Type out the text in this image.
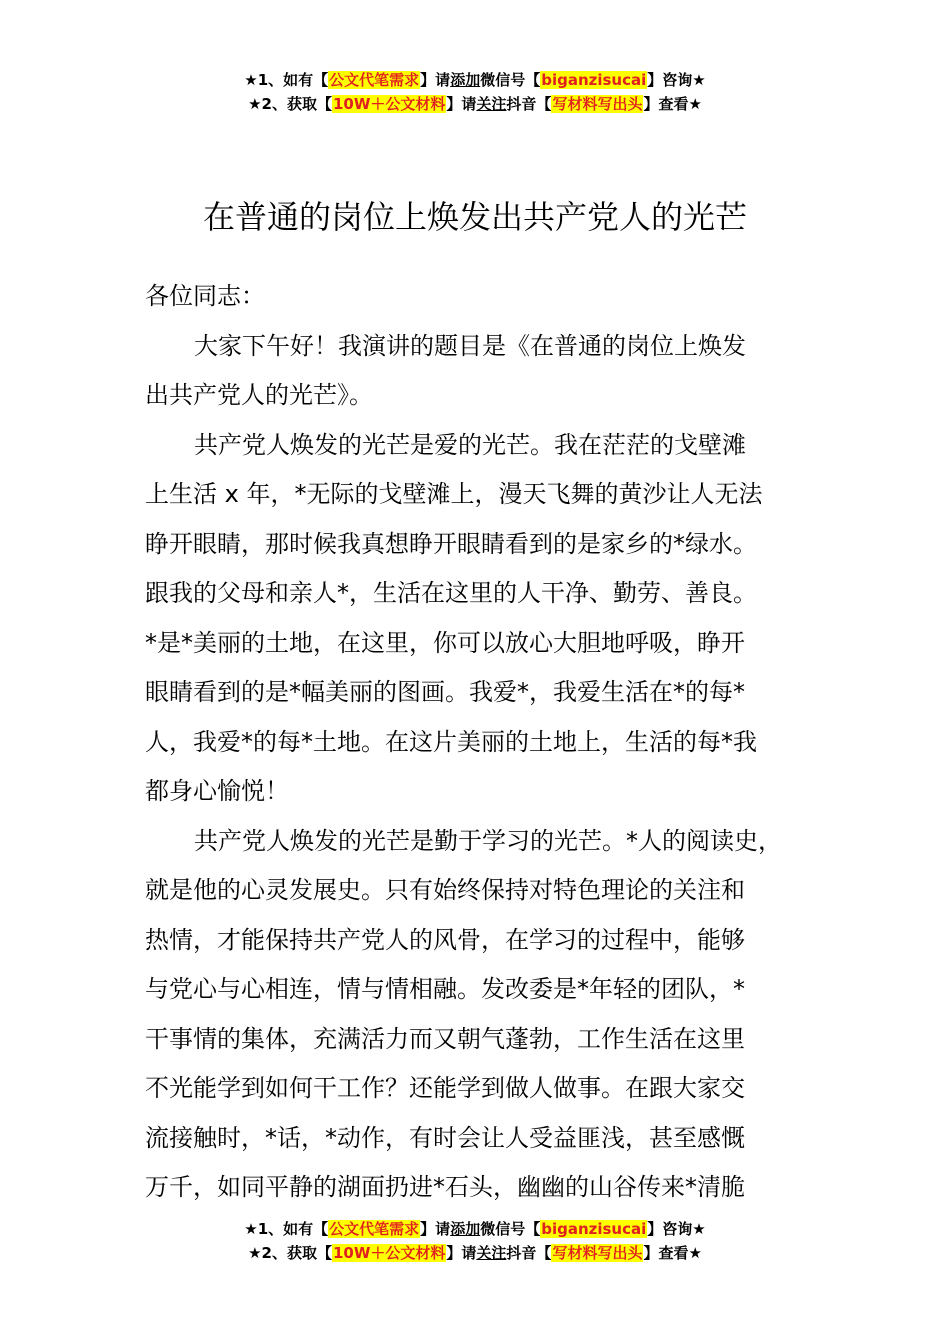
★1、如有【公文代笔需求】请添加微信号【biganzisucai】咨询★
★2、获取【10W＋公文材料】请关注抖音【写材料写出头】查看★
在普通的岗位上焕发出共产党人的光芒
各位同志：
大家下午好！我演讲的题目是《在普通的岗位上焕发
出共产党人的光芒》。
共产党人焕发的光芒是爱的光芒。我在茫茫的戈壁滩
上生活 x 年，*无际的戈壁滩上，漫天飞舞的黄沙让人无法
睁开眼睛，那时候我真想睁开眼睛看到的是家乡的*绿水。
跟我的父母和亲人*，生活在这里的人干净、勤劳、善良。
*是*美丽的土地，在这里，你可以放心大胆地呼吸，睁开
眼睛看到的是*幅美丽的图画。我爱*，我爱生活在*的每*
人，我爱*的每*土地。在这片美丽的土地上，生活的每*我
都身心愉悦！
共产党人焕发的光芒是勤于学习的光芒。*人的阅读史，
就是他的心灵发展史。只有始终保持对特色理论的关注和
热情，才能保持共产党人的风骨，在学习的过程中，能够
与党心与心相连，情与情相融。发改委是*年轻的团队，*
干事情的集体，充满活力而又朝气蓬勃，工作生活在这里
不光能学到如何干工作？还能学到做人做事。在跟大家交
流接触时，*话，*动作，有时会让人受益匪浅，甚至感慨
万千，如同平静的湖面扔进*石头，幽幽的山谷传来*清脆
★1、如有【公文代笔需求】请添加微信号【biganzisucai】咨询★
★2、获取【10W＋公文材料】请关注抖音【写材料写出头】查看★
